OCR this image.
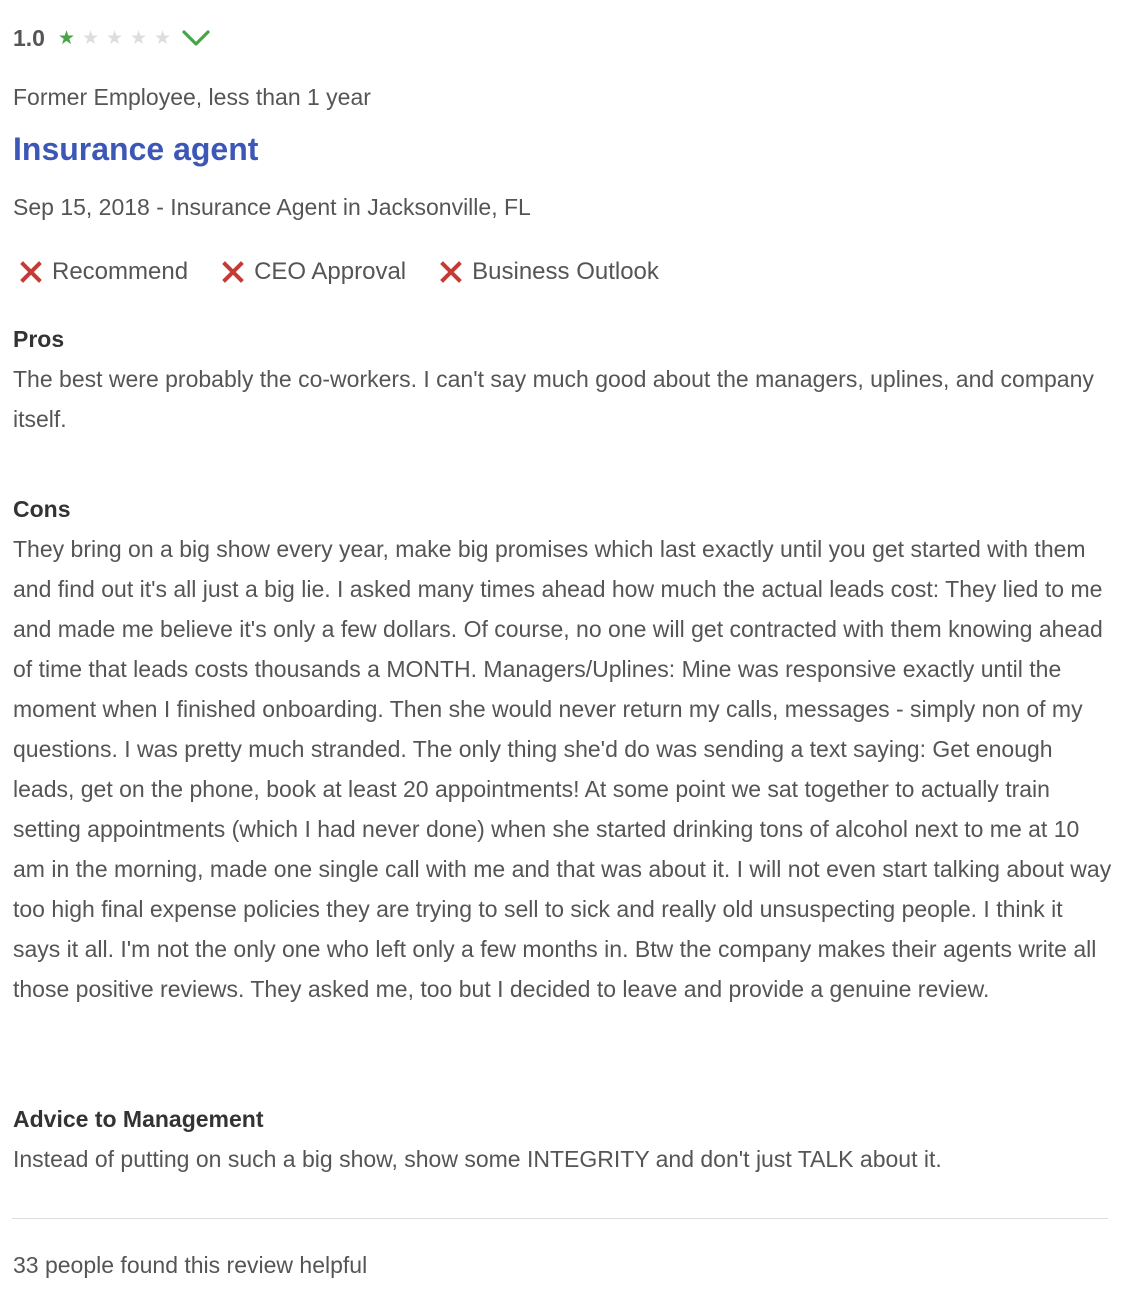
1.0 ★ ★ ★ ★ ★
Former Employee, less than 1 year
Insurance agent
Sep 15, 2018 - Insurance Agent in Jacksonville, FL
Recommend	CEO Approval	Business Outlook
Pros
The best were probably the co-workers. I can't say much good about the managers, uplines, and company itself.
Cons
They bring on a big show every year, make big promises which last exactly until you get started with them and find out it's all just a big lie. I asked many times ahead how much the actual leads cost: They lied to me and made me believe it's only a few dollars. Of course, no one will get contracted with them knowing ahead of time that leads costs thousands a MONTH. Managers/Uplines: Mine was responsive exactly until the moment when I finished onboarding. Then she would never return my calls, messages - simply non of my questions. I was pretty much stranded. The only thing she'd do was sending a text saying: Get enough leads, get on the phone, book at least 20 appointments! At some point we sat together to actually train setting appointments (which I had never done) when she started drinking tons of alcohol next to me at 10 am in the morning, made one single call with me and that was about it. I will not even start talking about way too high final expense policies they are trying to sell to sick and really old unsuspecting people. I think it says it all. I'm not the only one who left only a few months in. Btw the company makes their agents write all those positive reviews. They asked me, too but I decided to leave and provide a genuine review.
Advice to Management
Instead of putting on such a big show, show some INTEGRITY and don't just TALK about it.
33 people found this review helpful
